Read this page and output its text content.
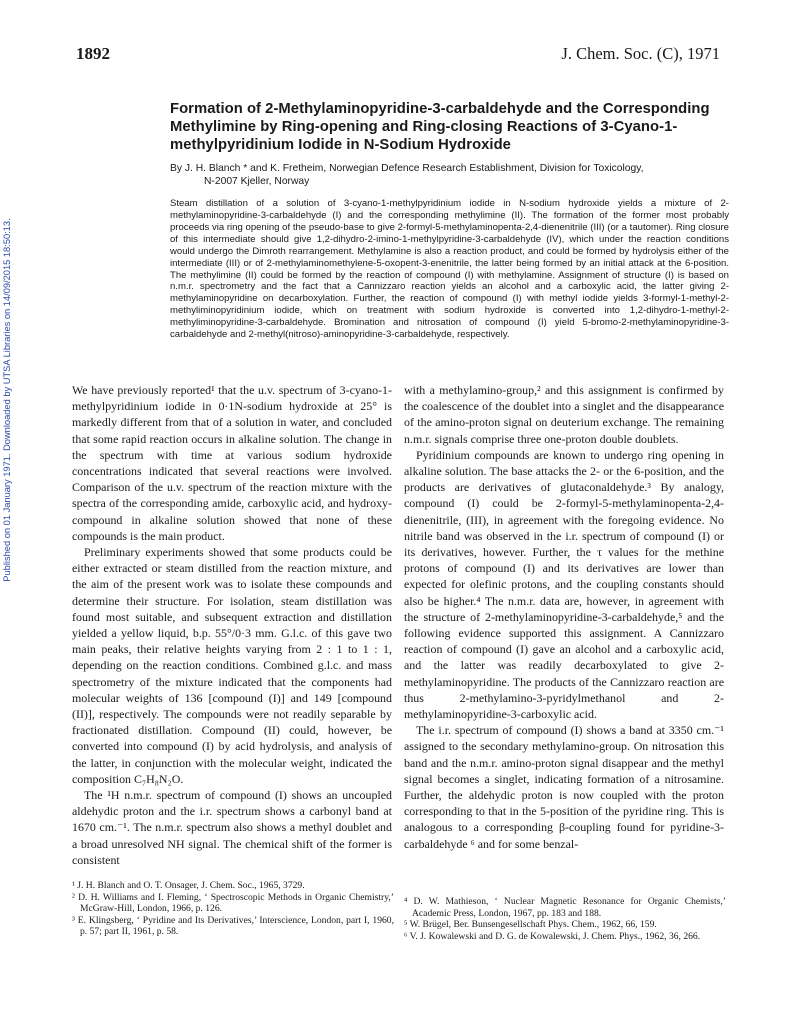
Published on 01 January 1971. Downloaded by UTSA Libraries on 14/09/2015 18:50:13.
1892	J. Chem. Soc. (C), 1971
Formation of 2-Methylaminopyridine-3-carbaldehyde and the Corresponding Methylimine by Ring-opening and Ring-closing Reactions of 3-Cyano-1-methylpyridinium Iodide in N-Sodium Hydroxide
By J. H. Blanch * and K. Fretheim, Norwegian Defence Research Establishment, Division for Toxicology,
N-2007 Kjeller, Norway
Steam distillation of a solution of 3-cyano-1-methylpyridinium iodide in N-sodium hydroxide yields a mixture of 2-methylaminopyridine-3-carbaldehyde (I) and the corresponding methylimine (II). The formation of the former most probably proceeds via ring opening of the pseudo-base to give 2-formyl-5-methylaminopenta-2,4-dienenitrile (III) (or a tautomer). Ring closure of this intermediate should give 1,2-dihydro-2-imino-1-methylpyridine-3-carbaldehyde (IV), which under the reaction conditions would undergo the Dimroth rearrangement. Methylamine is also a reaction product, and could be formed by hydrolysis either of the intermediate (III) or of 2-methylaminomethylene-5-oxopent-3-enenitrile, the latter being formed by an initial attack at the 6-position. The methylimine (II) could be formed by the reaction of compound (I) with methylamine. Assignment of structure (I) is based on n.m.r. spectrometry and the fact that a Cannizzaro reaction yields an alcohol and a carboxylic acid, the latter giving 2-methylaminopyridine on decarboxylation. Further, the reaction of compound (I) with methyl iodide yields 3-formyl-1-methyl-2-methyliminopyridinium iodide, which on treatment with sodium hydroxide is converted into 1,2-dihydro-1-methyl-2-methyliminopyridine-3-carbaldehyde. Bromination and nitrosation of compound (I) yield 5-bromo-2-methylaminopyridine-3-carbaldehyde and 2-methyl(nitroso)-aminopyridine-3-carbaldehyde, respectively.

We have previously reported¹ that the u.v. spectrum of 3-cyano-1-methylpyridinium iodide in 0·1N-sodium hydroxide at 25° is markedly different from that of a solution in water, and concluded that some rapid reaction occurs in alkaline solution. The change in the spectrum with time at various sodium hydroxide concentrations indicated that several reactions were involved. Comparison of the u.v. spectrum of the reaction mixture with the spectra of the corresponding amide, carboxylic acid, and hydroxy-compound in alkaline solution showed that none of these compounds is the main product.

Preliminary experiments showed that some products could be either extracted or steam distilled from the reaction mixture, and the aim of the present work was to isolate these compounds and determine their structure. For isolation, steam distillation was found most suitable, and subsequent extraction and distillation yielded a yellow liquid, b.p. 55°/0·3 mm. G.l.c. of this gave two main peaks, their relative heights varying from 2 : 1 to 1 : 1, depending on the reaction conditions. Combined g.l.c. and mass spectrometry of the mixture indicated that the components had molecular weights of 136 [compound (I)] and 149 [compound (II)], respectively. The compounds were not readily separable by fractionated distillation. Compound (II) could, however, be converted into compound (I) by acid hydrolysis, and analysis of the latter, in conjunction with the molecular weight, indicated the composition C₇H₈N₂O.

The ¹H n.m.r. spectrum of compound (I) shows an uncoupled aldehydic proton and the i.r. spectrum shows a carbonyl band at 1670 cm.⁻¹. The n.m.r. spectrum also shows a methyl doublet and a broad unresolved NH signal. The chemical shift of the former is consistent

with a methylamino-group,² and this assignment is confirmed by the coalescence of the doublet into a singlet and the disappearance of the amino-proton signal on deuterium exchange. The remaining n.m.r. signals comprise three one-proton double doublets.

Pyridinium compounds are known to undergo ring opening in alkaline solution. The base attacks the 2- or the 6-position, and the products are derivatives of glutaconaldehyde.³ By analogy, compound (I) could be 2-formyl-5-methylaminopenta-2,4-dienenitrile, (III), in agreement with the foregoing evidence. No nitrile band was observed in the i.r. spectrum of compound (I) or its derivatives, however. Further, the τ values for the methine protons of compound (I) and its derivatives are lower than expected for olefinic protons, and the coupling constants should also be higher.⁴ The n.m.r. data are, however, in agreement with the structure of 2-methylaminopyridine-3-carbaldehyde,⁵ and the following evidence supported this assignment. A Cannizzaro reaction of compound (I) gave an alcohol and a carboxylic acid, and the latter was readily decarboxylated to give 2-methylaminopyridine. The products of the Cannizzaro reaction are thus 2-methylamino-3-pyridylmethanol and 2-methylaminopyridine-3-carboxylic acid.

The i.r. spectrum of compound (I) shows a band at 3350 cm.⁻¹ assigned to the secondary methylamino-group. On nitrosation this band and the n.m.r. amino-proton signal disappear and the methyl signal becomes a singlet, indicating formation of a nitrosamine. Further, the aldehydic proton is now coupled with the proton corresponding to that in the 5-position of the pyridine ring. This is analogous to a corresponding β-coupling found for pyridine-3-carbaldehyde ⁶ and for some benzal-

¹ J. H. Blanch and O. T. Onsager, J. Chem. Soc., 1965, 3729.

² D. H. Williams and I. Fleming, ‘ Spectroscopic Methods in Organic Chemistry,’ McGraw-Hill, London, 1966, p. 126.

³ E. Klingsberg, ‘ Pyridine and Its Derivatives,’ Interscience, London, part I, 1960, p. 57; part II, 1961, p. 58.

⁴ D. W. Mathieson, ‘ Nuclear Magnetic Resonance for Organic Chemists,’ Academic Press, London, 1967, pp. 183 and 188.

⁵ W. Brügel, Ber. Bunsengesellschaft Phys. Chem., 1962, 66, 159.

⁶ V. J. Kowalewski and D. G. de Kowalewski, J. Chem. Phys., 1962, 36, 266.
